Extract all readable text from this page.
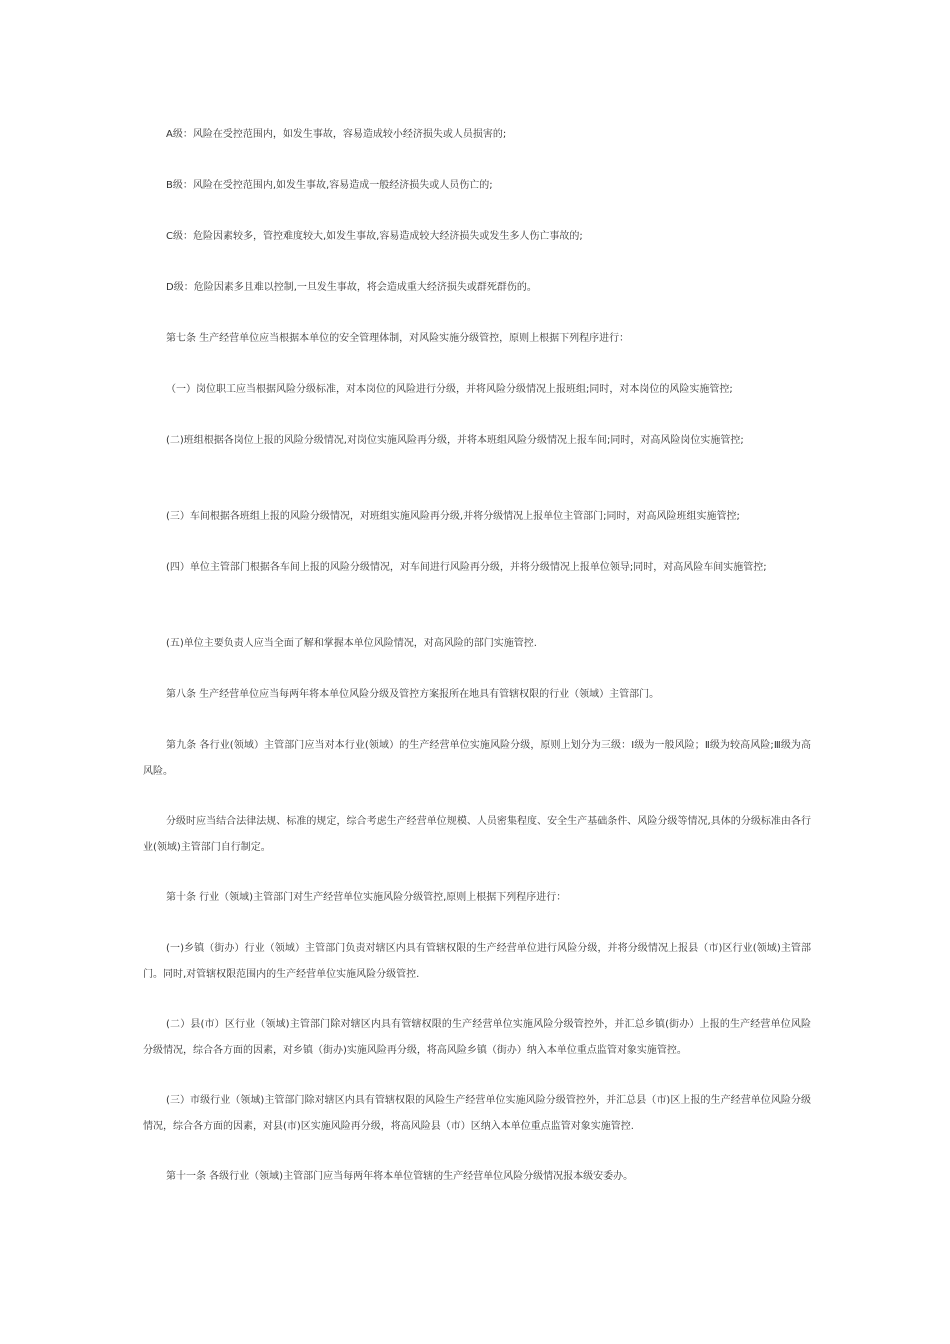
A级：风险在受控范围内，如发生事故，容易造成较小经济损失或人员损害的;

B级：风险在受控范围内,如发生事故,容易造成一般经济损失或人员伤亡的;

C级：危险因素较多，管控难度较大,如发生事故,容易造成较大经济损失或发生多人伤亡事故的;

D级：危险因素多且难以控制,一旦发生事故，将会造成重大经济损失或群死群伤的。

第七条 生产经营单位应当根据本单位的安全管理体制，对风险实施分级管控，原则上根据下列程序进行：

（一）岗位职工应当根据风险分级标准，对本岗位的风险进行分级，并将风险分级情况上报班组;同时，对本岗位的风险实施管控;

(二)班组根据各岗位上报的风险分级情况,对岗位实施风险再分级，并将本班组风险分级情况上报车间;同时，对高风险岗位实施管控;

(三）车间根据各班组上报的风险分级情况，对班组实施风险再分级,并将分级情况上报单位主管部门;同时，对高风险班组实施管控;

(四）单位主管部门根据各车间上报的风险分级情况，对车间进行风险再分级，并将分级情况上报单位领导;同时，对高风险车间实施管控;

(五)单位主要负责人应当全面了解和掌握本单位风险情况，对高风险的部门实施管控.

第八条 生产经营单位应当每两年将本单位风险分级及管控方案报所在地具有管辖权限的行业（领域）主管部门。

第九条 各行业(领域）主管部门应当对本行业(领域）的生产经营单位实施风险分级，原则上划分为三级：Ⅰ级为一般风险；Ⅱ级为较高风险;Ⅲ级为高风险。

分级时应当结合法律法规、标准的规定，综合考虑生产经营单位规模、人员密集程度、安全生产基础条件、风险分级等情况,具体的分级标准由各行业(领域)主管部门自行制定。

第十条 行业（领域)主管部门对生产经营单位实施风险分级管控,原则上根据下列程序进行：

(一)乡镇（街办）行业（领域）主管部门负责对辖区内具有管辖权限的生产经营单位进行风险分级，并将分级情况上报县（市)区行业(领域)主管部门。同时,对管辖权限范围内的生产经营单位实施风险分级管控.

(二）县(市）区行业（领域)主管部门除对辖区内具有管辖权限的生产经营单位实施风险分级管控外，并汇总乡镇(街办）上报的生产经营单位风险分级情况，综合各方面的因素，对乡镇（街办)实施风险再分级，将高风险乡镇（街办）纳入本单位重点监管对象实施管控。

(三）市级行业（领域)主管部门除对辖区内具有管辖权限的风险生产经营单位实施风险分级管控外，并汇总县（市)区上报的生产经营单位风险分级情况，综合各方面的因素，对县(市)区实施风险再分级，将高风险县（市）区纳入本单位重点监管对象实施管控.

第十一条 各级行业（领域)主管部门应当每两年将本单位管辖的生产经营单位风险分级情况报本级安委办。
